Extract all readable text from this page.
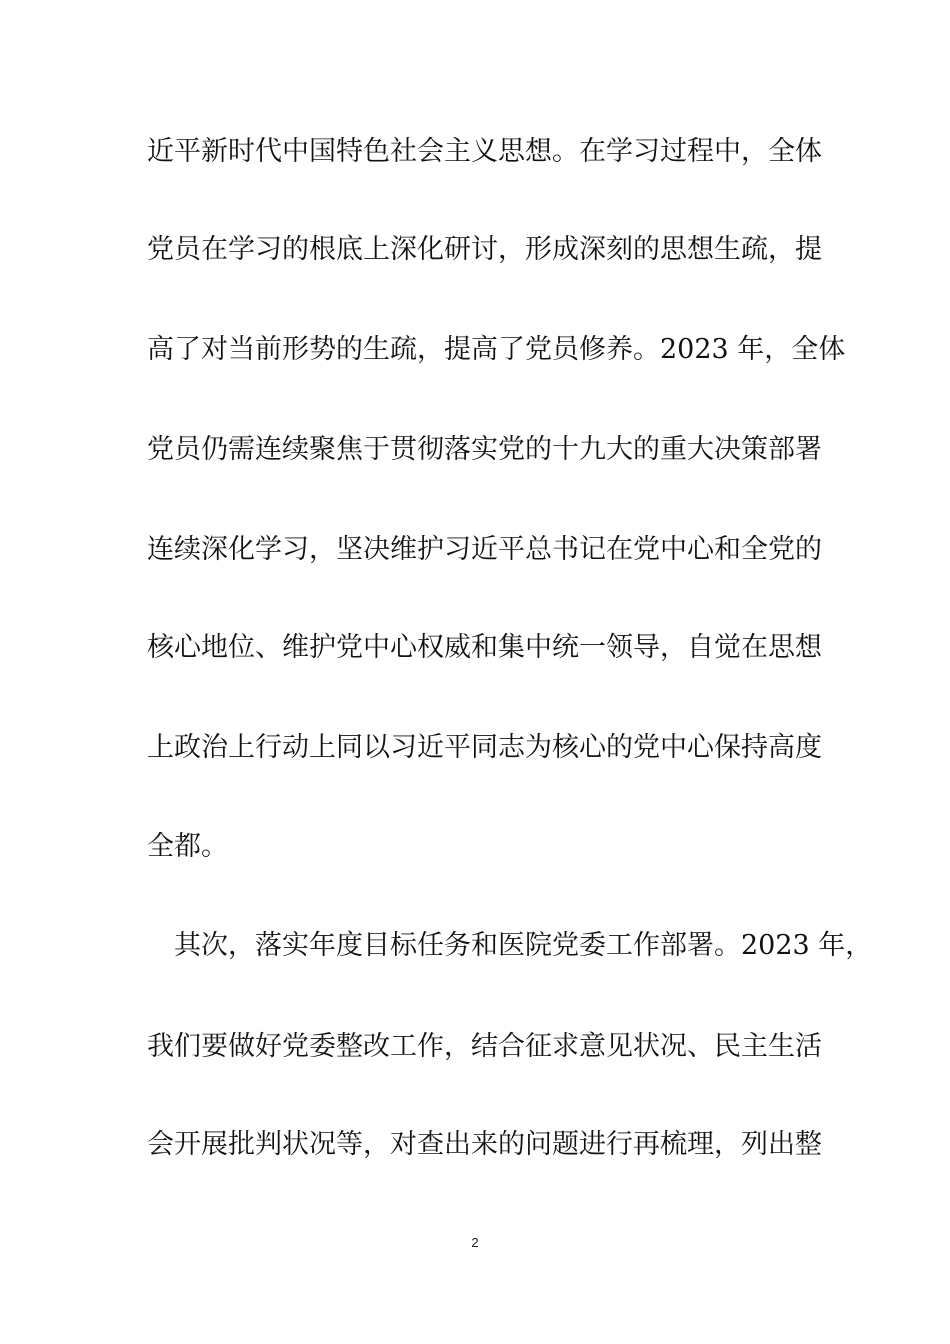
近平新时代中国特色社会主义思想。在学习过程中，全体
党员在学习的根底上深化研讨，形成深刻的思想生疏，提
高了对当前形势的生疏，提高了党员修养。2023 年，全体
党员仍需连续聚焦于贯彻落实党的十九大的重大决策部署
连续深化学习，坚决维护习近平总书记在党中心和全党的
核心地位、维护党中心权威和集中统一领导，自觉在思想
上政治上行动上同以习近平同志为核心的党中心保持高度
全都。
其次，落实年度目标任务和医院党委工作部署。2023 年，
我们要做好党委整改工作，结合征求意见状况、民主生活
会开展批判状况等，对查出来的问题进行再梳理，列出整
2
